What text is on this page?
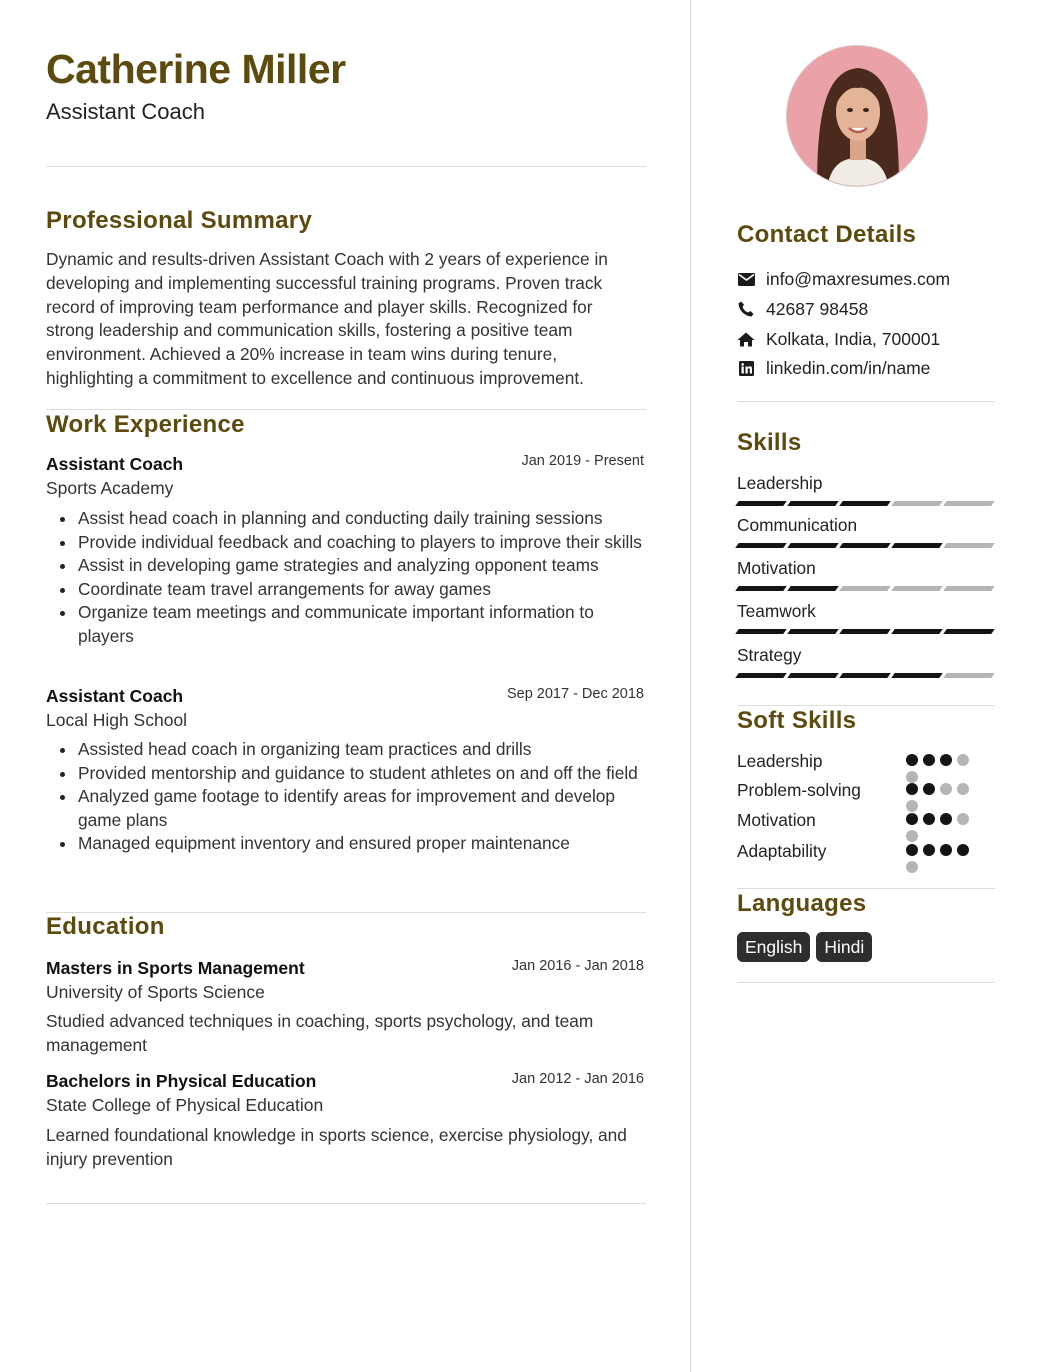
Catherine Miller
Assistant Coach
Professional Summary
Dynamic and results-driven Assistant Coach with 2 years of experience in developing and implementing successful training programs. Proven track record of improving team performance and player skills. Recognized for strong leadership and communication skills, fostering a positive team environment. Achieved a 20% increase in team wins during tenure, highlighting a commitment to excellence and continuous improvement.
Work Experience
Assistant Coach	Jan 2019 - Present
Sports Academy
Assist head coach in planning and conducting daily training sessions
Provide individual feedback and coaching to players to improve their skills
Assist in developing game strategies and analyzing opponent teams
Coordinate team travel arrangements for away games
Organize team meetings and communicate important information to players
Assistant Coach	Sep 2017 - Dec 2018
Local High School
Assisted head coach in organizing team practices and drills
Provided mentorship and guidance to student athletes on and off the field
Analyzed game footage to identify areas for improvement and develop game plans
Managed equipment inventory and ensured proper maintenance
Education
Masters in Sports Management	Jan 2016 - Jan 2018
University of Sports Science
Studied advanced techniques in coaching, sports psychology, and team management
Bachelors in Physical Education	Jan 2012 - Jan 2016
State College of Physical Education
Learned foundational knowledge in sports science, exercise physiology, and injury prevention
Contact Details
info@maxresumes.com
42687 98458
Kolkata, India, 700001
linkedin.com/in/name
Skills
Leadership
Communication
Motivation
Teamwork
Strategy
Soft Skills
Leadership
Problem-solving
Motivation
Adaptability
Languages
English	Hindi
